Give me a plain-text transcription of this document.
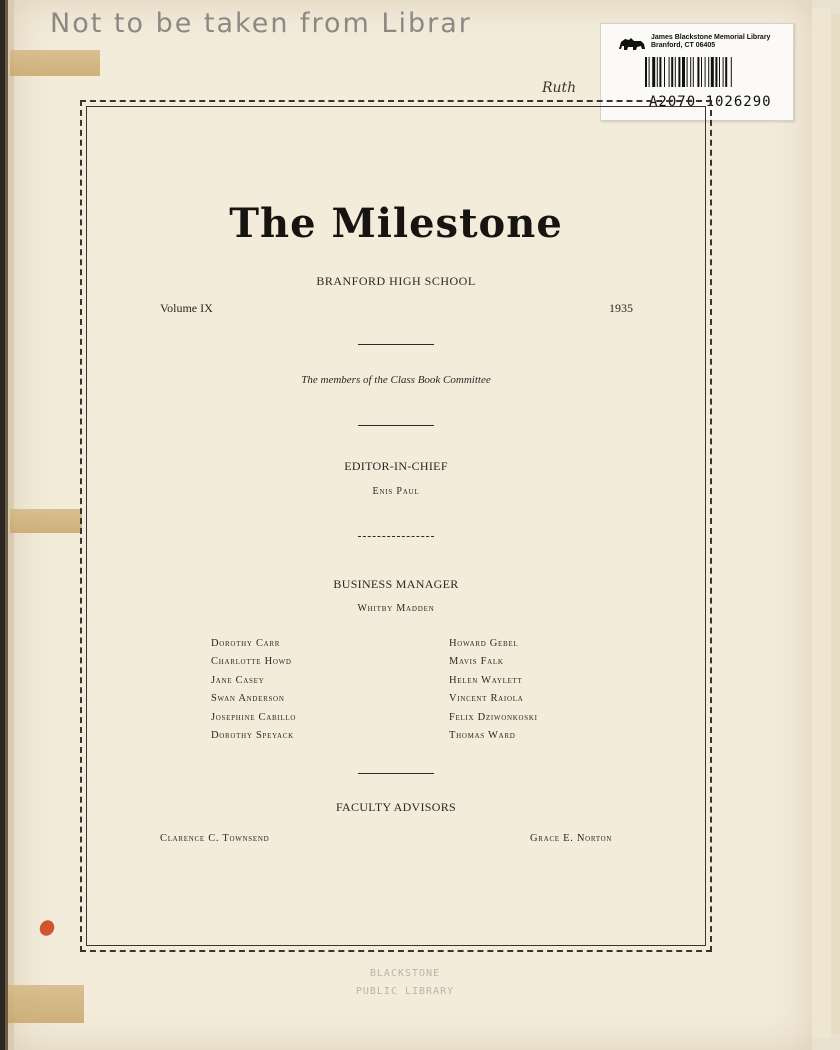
Not to be taken from Librar
Ruth
James Blackstone Memorial Library
Branford, CT 06405
A2070 1026290
The Milestone
BRANFORD HIGH SCHOOL
Volume IX	1935
The members of the Class Book Committee
EDITOR-IN-CHIEF
Enis Paul
BUSINESS MANAGER
Whitby Madden
Dorothy Carr
Charlotte Howd
Jane Casey
Swan Anderson
Josephine Cabillo
Dorothy Speyack
Howard Gebel
Mavis Falk
Helen Waylett
Vincent Raiola
Felix Dziwonkoski
Thomas Ward
FACULTY ADVISORS
Clarence C. Townsend	Grace E. Norton
BLACKSTONE
PUBLIC LIBRARY
